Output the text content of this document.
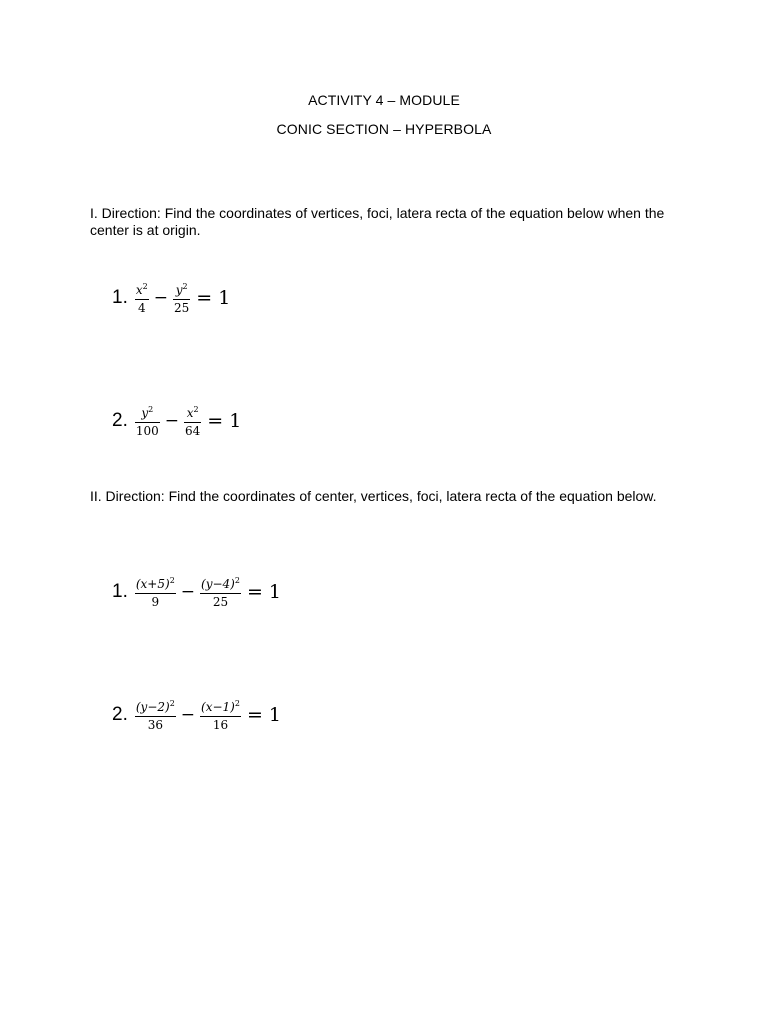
ACTIVITY 4 – MODULE
CONIC SECTION – HYPERBOLA
I. Direction: Find the coordinates of vertices, foci, latera recta of the equation below when the center is at origin.
1. $\frac{x^2}{4} - \frac{y^2}{25} = 1$
2. $\frac{y^2}{100} - \frac{x^2}{64} = 1$
II. Direction: Find the coordinates of center, vertices, foci, latera recta of the equation below.
1. $\frac{(x+5)^2}{9} - \frac{(y-4)^2}{25} = 1$
2. $\frac{(y-2)^2}{36} - \frac{(x-1)^2}{16} = 1$
